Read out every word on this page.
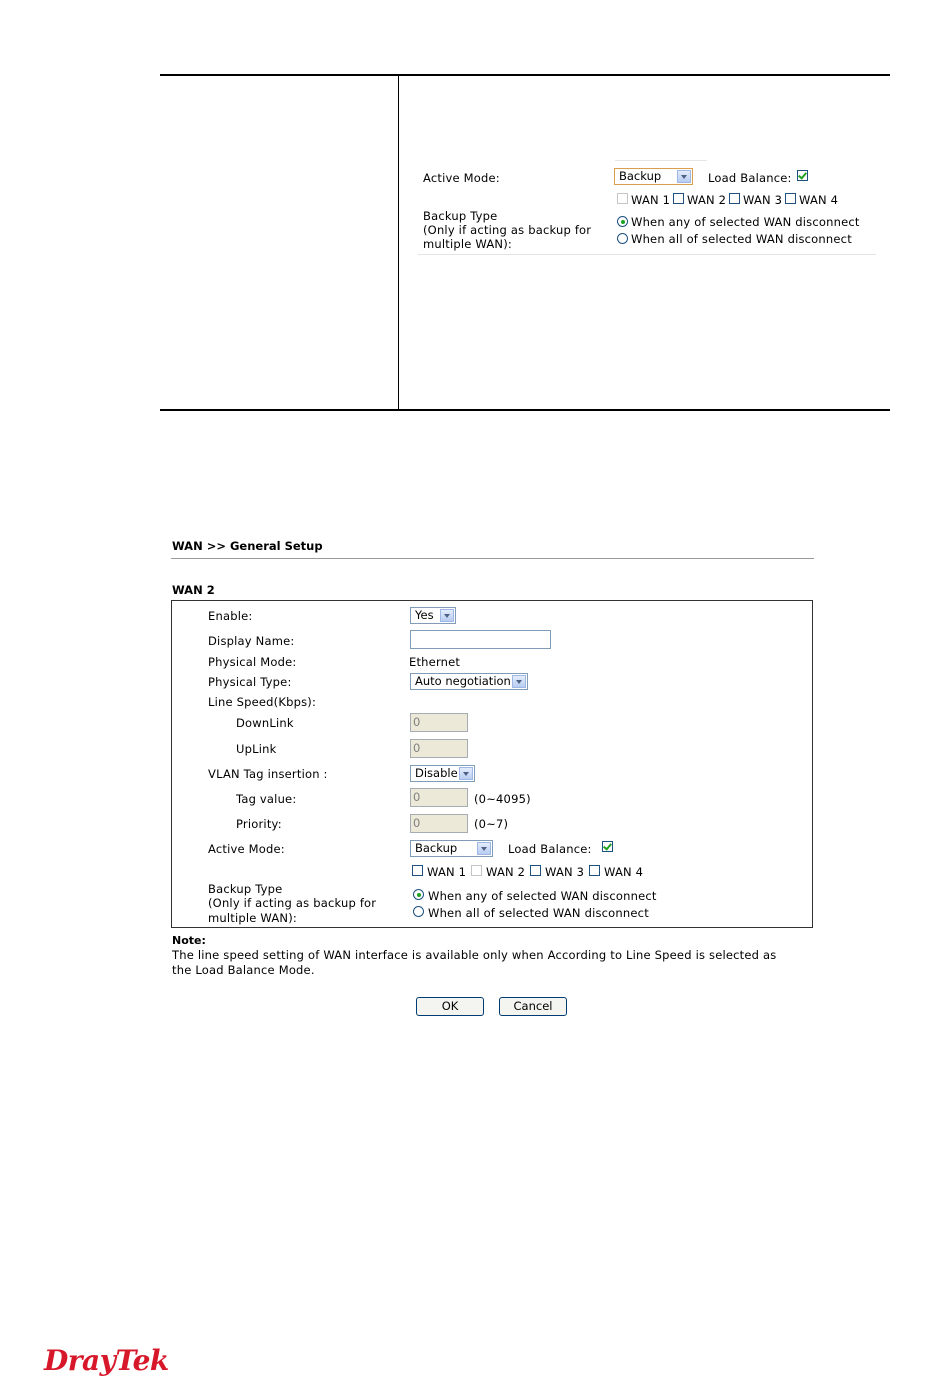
Active Mode:	Backup	Load Balance:
WAN 1 WAN 2 WAN 3 WAN 4
Backup Type
(Only if acting as backup for
multiple WAN):
When any of selected WAN disconnect
When all of selected WAN disconnect
WAN >> General Setup
WAN 2
Enable:	Yes
Display Name:
Physical Mode:	Ethernet
Physical Type:	Auto negotiation
Line Speed(Kbps):
DownLink	0
UpLink	0
VLAN Tag insertion :	Disable
Tag value:	0	(0~4095)
Priority:	0	(0~7)
Active Mode:	Backup	Load Balance:
WAN 1 WAN 2 WAN 3 WAN 4
Backup Type
(Only if acting as backup for
multiple WAN):
When any of selected WAN disconnect
When all of selected WAN disconnect
Note:
The line speed setting of WAN interface is available only when According to Line Speed is selected as
the Load Balance Mode.
OK	Cancel
DrayTek
